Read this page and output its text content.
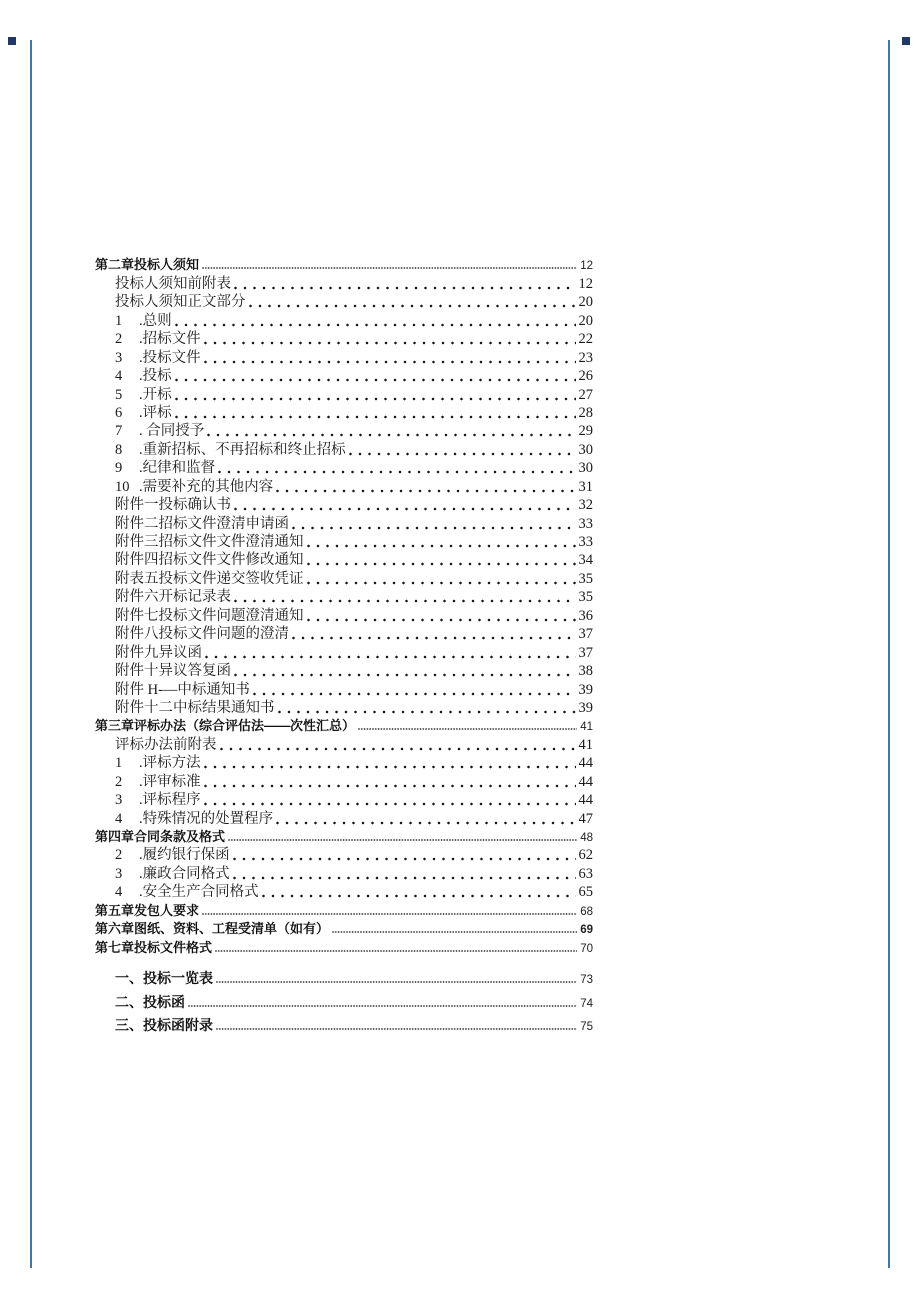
第二章投标人须知	12
投标人须知前附表	12
投标人须知正文部分	20
1	.总则	20
2	.招标文件	22
3	.投标文件	23
4	.投标	26
5	.开标	27
6	.评标	28
7	. 合同授予	29
8	.重新招标、不再招标和终止招标	30
9	.纪律和监督	30
10 .需要补充的其他内容	31
附件一投标确认书	32
附件二招标文件澄清申请函	33
附件三招标文件文件澄清通知	33
附件四招标文件文件修改通知	34
附表五投标文件递交签收凭证	35
附件六开标记录表	35
附件七投标文件问题澄清通知	36
附件八投标文件问题的澄清	37
附件九异议函	37
附件十异议答复函	38
附件 H-—中标通知书	39
附件十二中标结果通知书	39
第三章评标办法（综合评估法——次性汇总）	41
评标办法前附表	41
1	.评标方法	44
2	.评审标准	44
3	.评标程序	44
4	.特殊情况的处置程序	47
第四章合同条款及格式	48
2	.履约银行保函	62
3	.廉政合同格式	63
4	.安全生产合同格式	65
第五章发包人要求	68
第六章图纸、资料、工程受清单（如有）	69
第七章投标文件格式	70
一、投标一览表	73
二、投标函	74
三、投标函附录	75
